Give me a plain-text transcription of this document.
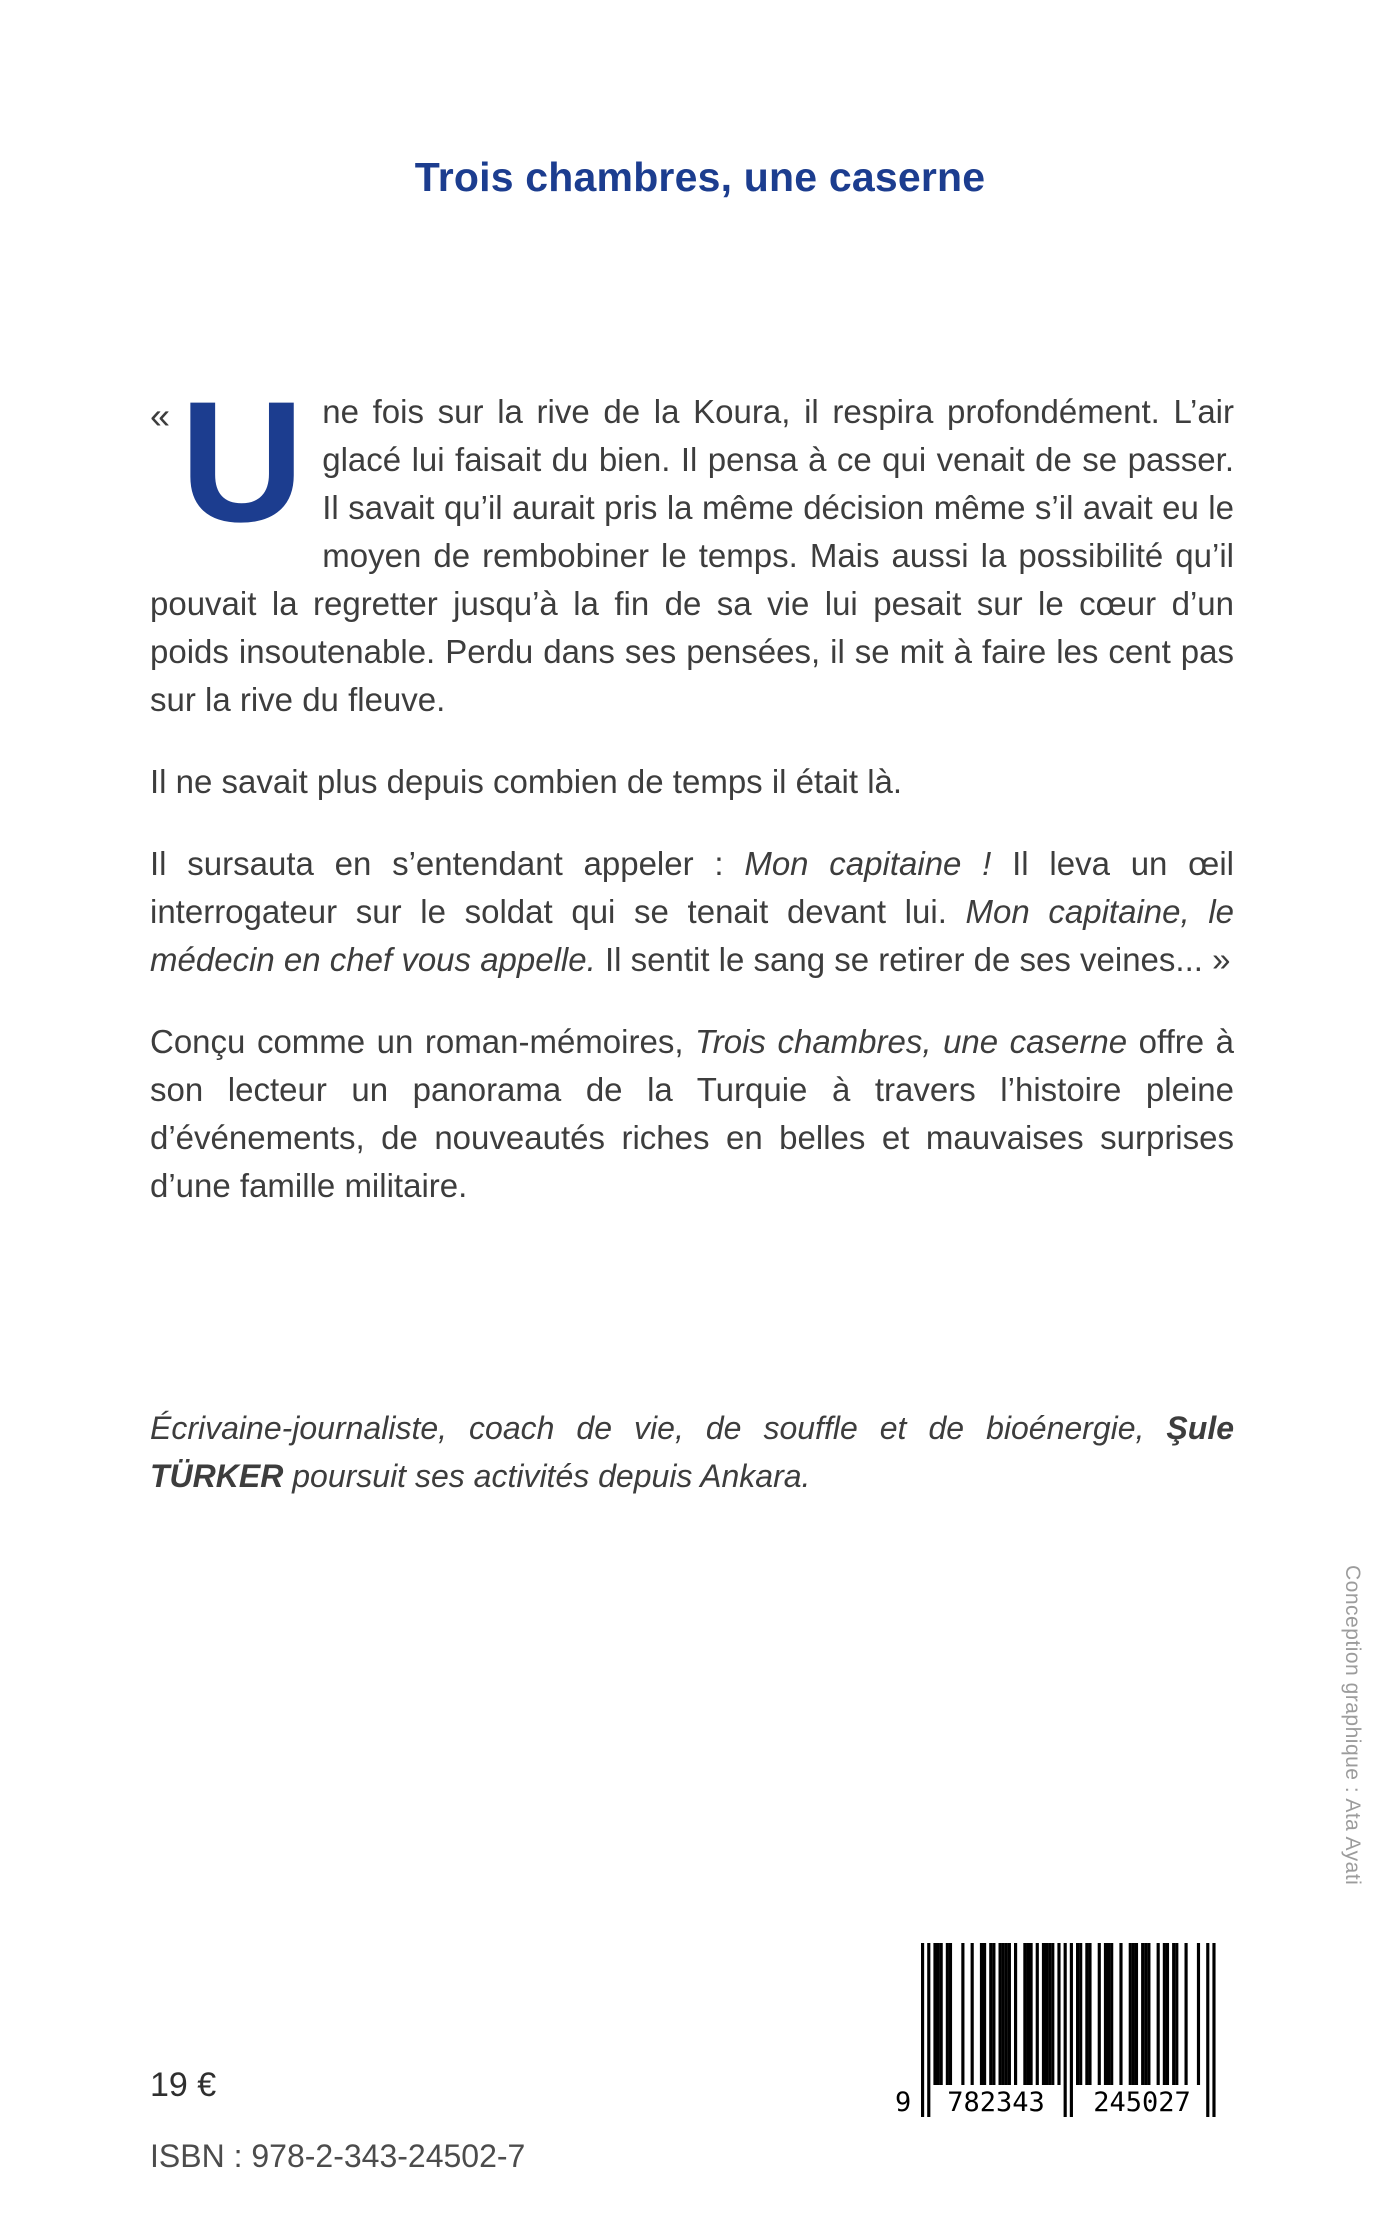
Trois chambres, une caserne

« U ne fois sur la rive de la Koura, il respira profondément. L’air glacé lui faisait du bien. Il pensa à ce qui venait de se passer. Il savait qu’il aurait pris la même décision même s’il avait eu le moyen de rembobiner le temps. Mais aussi la possibilité qu’il pouvait la regretter jusqu’à la fin de sa vie lui pesait sur le cœur d’un poids insoutenable. Perdu dans ses pensées, il se mit à faire les cent pas sur la rive du fleuve.

Il ne savait plus depuis combien de temps il était là.

Il sursauta en s’entendant appeler : Mon capitaine ! Il leva un œil interrogateur sur le soldat qui se tenait devant lui. Mon capitaine, le médecin en chef vous appelle. Il sentit le sang se retirer de ses veines... »

Conçu comme un roman-mémoires, Trois chambres, une caserne offre à son lecteur un panorama de la Turquie à travers l’histoire pleine d’événements, de nouveautés riches en belles et mauvaises surprises d’une famille militaire.

Écrivaine-journaliste, coach de vie, de souffle et de bioénergie, Şule TÜRKER poursuit ses activités depuis Ankara.

Conception graphique : Ata Ayati
19 €
ISBN : 978-2-343-24502-7
9	782343	245027
